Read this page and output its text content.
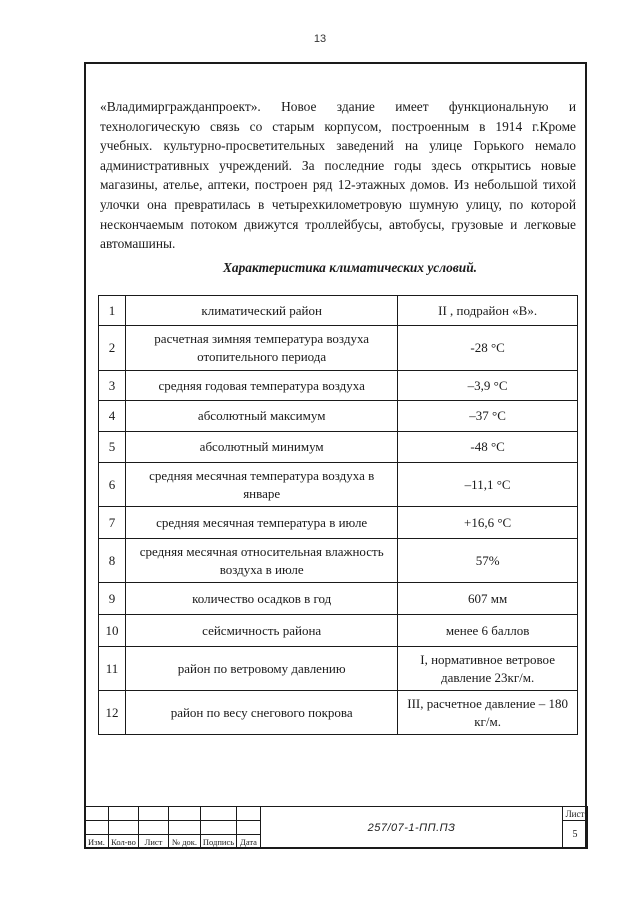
13

«Владимиргражданпроект». Новое здание имеет функциональную и технологическую связь со старым корпусом, построенным в 1914 г.Кроме учебных. культурно-просветительных заведений на улице Горького немало административных учреждений. За последние годы здесь открытись новые магазины, ателье, аптеки, построен ряд 12-этажных домов. Из небольшой тихой улочки она превратилась в четырехкилометровую шумную улицу, по которой нескончаемым потоком движутся троллейбусы, автобусы, грузовые и легковые автомашины.

Характеристика климатических условий.
1	климатический район	II , подрайон «В».
2	расчетная зимняя температура воздуха отопительного периода	-28 °С
3	средняя годовая температура воздуха	–3,9 °С
4	абсолютный максимум	–37 °С
5	абсолютный минимум	-48 °С
6	средняя месячная температура воздуха в январе	–11,1 °С
7	средняя месячная температура в июле	+16,6 °С
8	средняя месячная относительная влажность воздуха в июле	57%
9	количество осадков в год	607 мм
10	сейсмичность района	менее 6 баллов
11	район по ветровому давлению	I, нормативное ветровое давление 23кг/м.
12	район по весу снегового покрова	III, расчетное давление – 180 кг/м.
						257/07-1-ПП.ПЗ	Лист
							5
Изм.	Кол-во	Лист	№ док.	Подпись	Дата		
